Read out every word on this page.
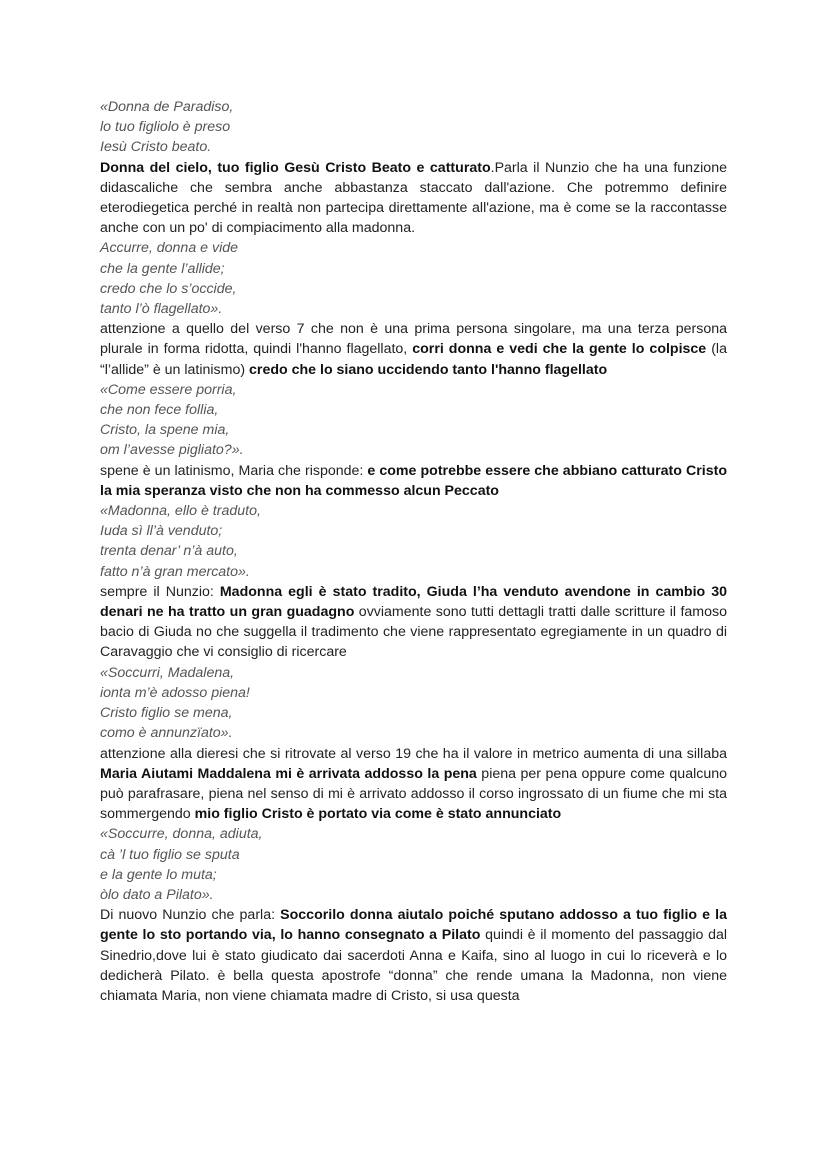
«Donna de Paradiso,
lo tuo figliolo è preso
Iesù Cristo beato.

Donna del cielo, tuo figlio Gesù Cristo Beato e catturato.Parla il Nunzio che ha una funzione didascaliche che sembra anche abbastanza staccato dall'azione. Che potremmo definire eterodiegetica perché in realtà non partecipa direttamente all'azione, ma è come se la raccontasse anche con un po' di compiacimento alla madonna.

Accurre, donna e vide
che la gente l’allide;
credo che lo s’occide,
tanto l’ò flagellato».

attenzione a quello del verso 7 che non è una prima persona singolare, ma una terza persona plurale in forma ridotta, quindi l'hanno flagellato, corri donna e vedi che la gente lo colpisce (la “l’allide” è un latinismo) credo che lo siano uccidendo tanto l'hanno flagellato

«Come essere porria,
che non fece follia,
Cristo, la spene mia,
om l’avesse pigliato?».

spene è un latinismo, Maria che risponde: e come potrebbe essere che abbiano catturato Cristo la mia speranza visto che non ha commesso alcun Peccato

«Madonna, ello è traduto,
Iuda sì ll’à venduto;
trenta denar’ n’à auto,
fatto n’à gran mercato».

sempre il Nunzio: Madonna egli è stato tradito, Giuda l’ha venduto avendone in cambio 30 denari ne ha tratto un gran guadagno ovviamente sono tutti dettagli tratti dalle scritture il famoso bacio di Giuda no che suggella il tradimento che viene rappresentato egregiamente in un quadro di Caravaggio che vi consiglio di ricercare

«Soccurri, Madalena,
ionta m’è adosso piena!
Cristo figlio se mena,
como è annunzïato».

attenzione alla dieresi che si ritrovate al verso 19 che ha il valore in metrico aumenta di una sillaba Maria Aiutami Maddalena mi è arrivata addosso la pena piena per pena oppure come qualcuno può parafrasare, piena nel senso di mi è arrivato addosso il corso ingrossato di un fiume che mi sta sommergendo mio figlio Cristo è portato via come è stato annunciato

«Soccurre, donna, adiuta,
cà ’l tuo figlio se sputa
e la gente lo muta;
òlo dato a Pilato».

Di nuovo Nunzio che parla: Soccorilo donna aiutalo poiché sputano addosso a tuo figlio e la gente lo sto portando via, lo hanno consegnato a Pilato quindi è il momento del passaggio dal Sinedrio,dove lui è stato giudicato dai sacerdoti Anna e Kaifa, sino al luogo in cui lo riceverà e lo dedicherà Pilato. è bella questa apostrofe “donna” che rende umana la Madonna, non viene chiamata Maria, non viene chiamata madre di Cristo, si usa questa
